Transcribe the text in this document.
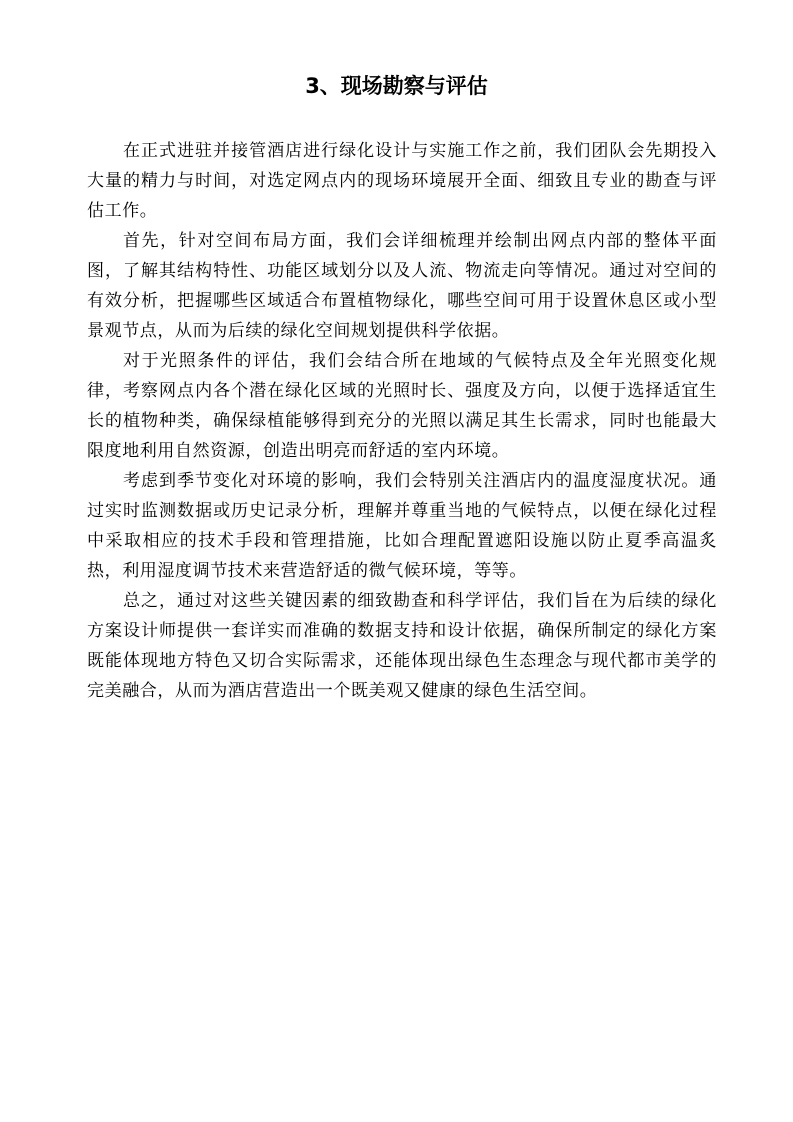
3、现场勘察与评估

在正式进驻并接管酒店进行绿化设计与实施工作之前，我们团队会先期投入大量的精力与时间，对选定网点内的现场环境展开全面、细致且专业的勘查与评估工作。

首先，针对空间布局方面，我们会详细梳理并绘制出网点内部的整体平面图，了解其结构特性、功能区域划分以及人流、物流走向等情况。通过对空间的有效分析，把握哪些区域适合布置植物绿化，哪些空间可用于设置休息区或小型景观节点，从而为后续的绿化空间规划提供科学依据。

对于光照条件的评估，我们会结合所在地域的气候特点及全年光照变化规律，考察网点内各个潜在绿化区域的光照时长、强度及方向，以便于选择适宜生长的植物种类，确保绿植能够得到充分的光照以满足其生长需求，同时也能最大限度地利用自然资源，创造出明亮而舒适的室内环境。

考虑到季节变化对环境的影响，我们会特别关注酒店内的温度湿度状况。通过实时监测数据或历史记录分析，理解并尊重当地的气候特点，以便在绿化过程中采取相应的技术手段和管理措施，比如合理配置遮阳设施以防止夏季高温炙热，利用湿度调节技术来营造舒适的微气候环境，等等。

总之，通过对这些关键因素的细致勘查和科学评估，我们旨在为后续的绿化方案设计师提供一套详实而准确的数据支持和设计依据，确保所制定的绿化方案既能体现地方特色又切合实际需求，还能体现出绿色生态理念与现代都市美学的完美融合，从而为酒店营造出一个既美观又健康的绿色生活空间。
